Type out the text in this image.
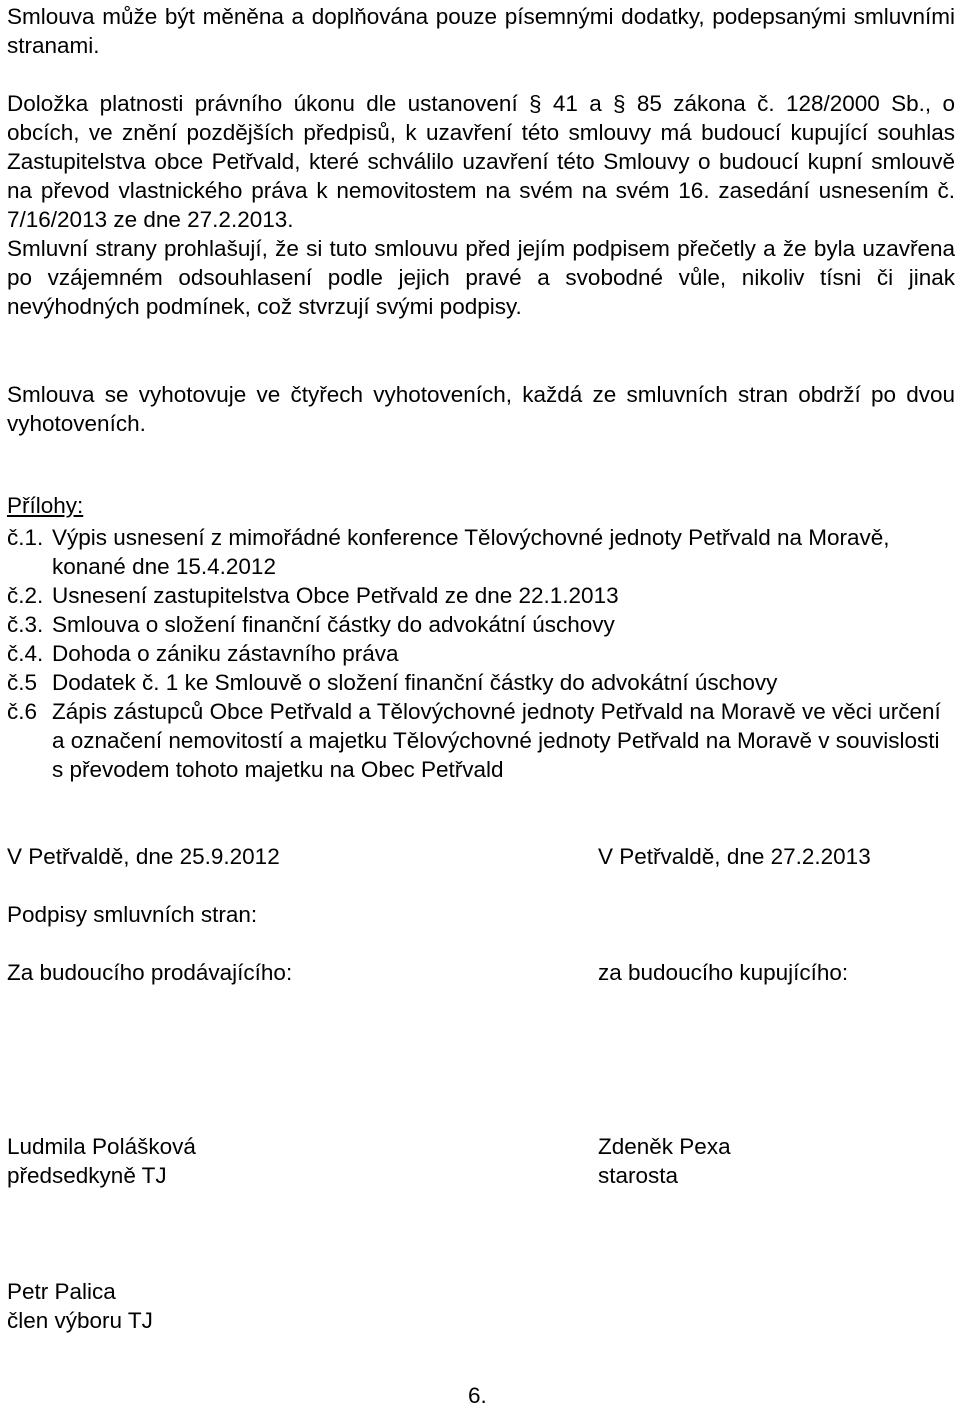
Smlouva může být měněna a doplňována pouze písemnými dodatky, podepsanými smluvními stranami.

Doložka platnosti právního úkonu dle ustanovení § 41 a § 85 zákona č. 128/2000 Sb., o obcích, ve znění pozdějších předpisů, k uzavření této smlouvy má budoucí kupující souhlas Zastupitelstva obce Petřvald, které schválilo uzavření této Smlouvy o budoucí kupní smlouvě na převod vlastnického práva k nemovitostem na svém na svém 16. zasedání usnesením č. 7/16/2013 ze dne 27.2.2013.

Smluvní strany prohlašují, že si tuto smlouvu před jejím podpisem přečetly a že byla uzavřena po vzájemném odsouhlasení podle jejich pravé a svobodné vůle, nikoliv tísni či jinak nevýhodných podmínek, což stvrzují svými podpisy.

Smlouva se vyhotovuje ve čtyřech vyhotoveních, každá ze smluvních stran obdrží po dvou vyhotoveních.

Přílohy:
č.1. Výpis usnesení z mimořádné konference Tělovýchovné jednoty Petřvald na Moravě, konané dne 15.4.2012
č.2. Usnesení zastupitelstva Obce Petřvald ze dne 22.1.2013
č.3. Smlouva o složení finanční částky do advokátní úschovy
č.4. Dohoda o zániku zástavního práva
č.5 Dodatek č. 1 ke Smlouvě o složení finanční částky do advokátní úschovy
č.6 Zápis zástupců Obce Petřvald a Tělovýchovné jednoty Petřvald na Moravě ve věci určení a označení nemovitostí a majetku Tělovýchovné jednoty Petřvald na Moravě v souvislosti s převodem tohoto majetku na Obec Petřvald
V Petřvaldě, dne 25.9.2012	V Petřvaldě, dne 27.2.2013
Podpisy smluvních stran:
Za budoucího prodávajícího:	za budoucího kupujícího:
Ludmila Polášková	Zdeněk Pexa
předsedkyně TJ	starosta
Petr Palica
člen výboru TJ
6.
